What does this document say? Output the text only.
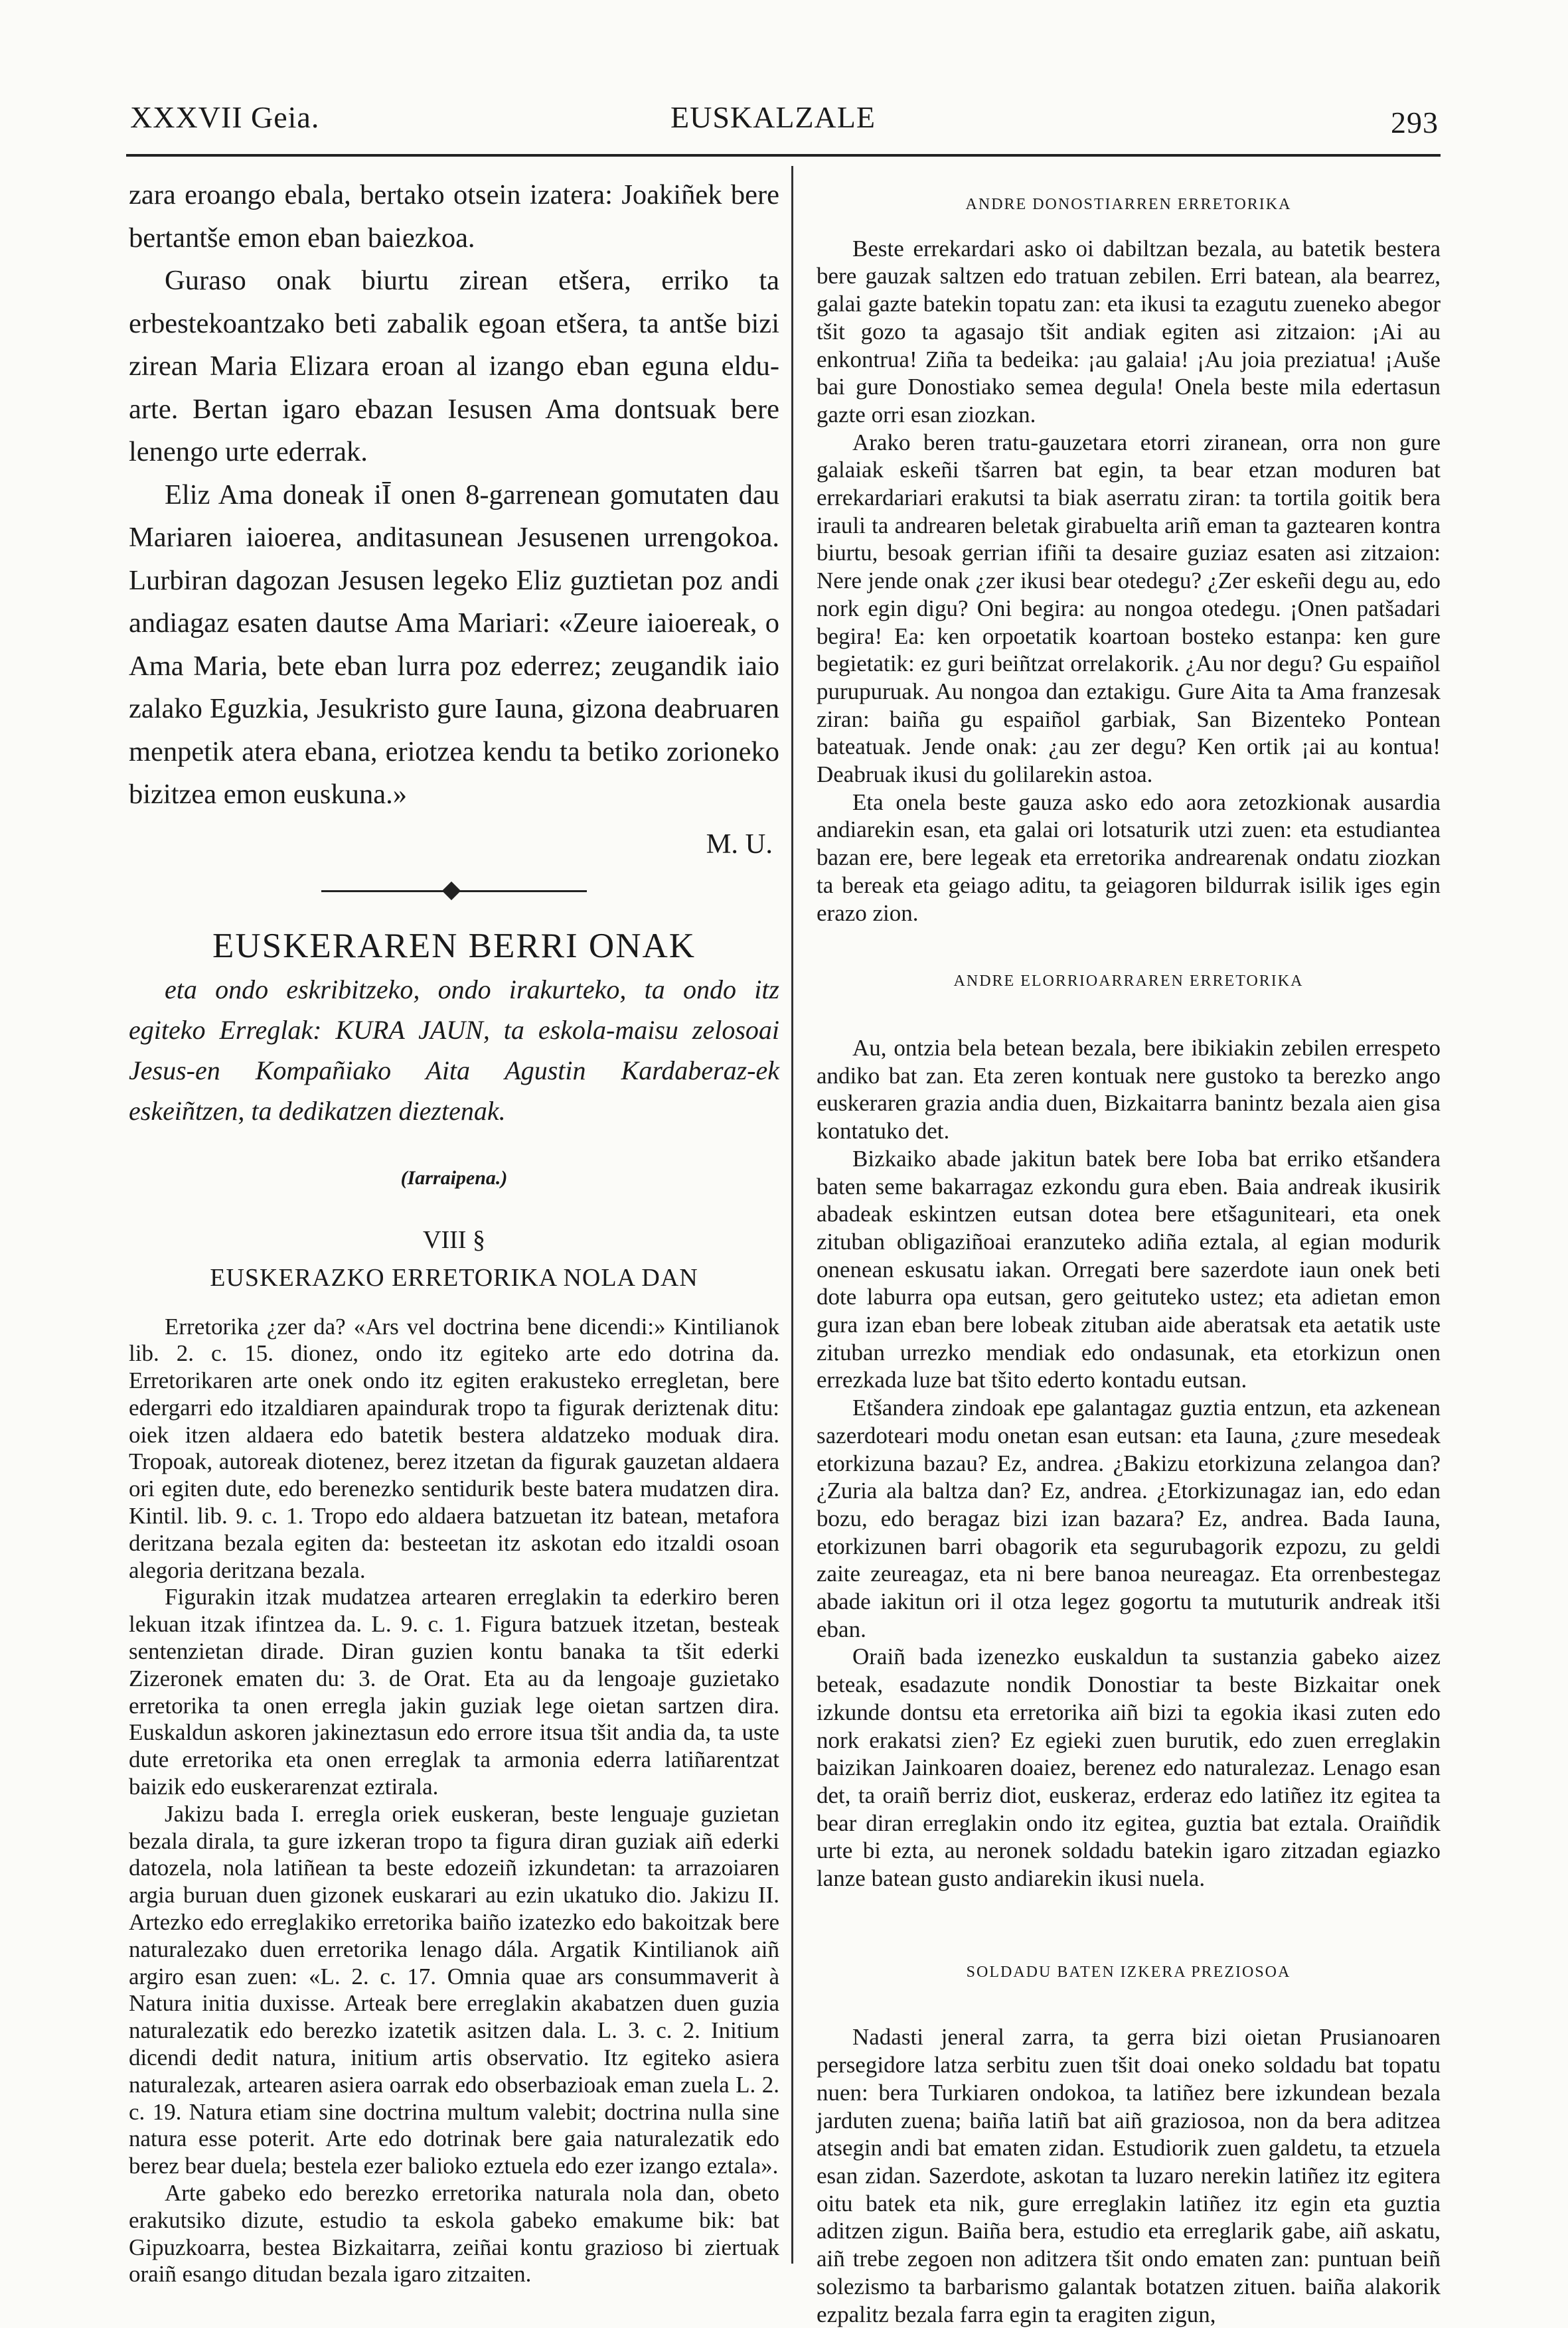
XXXVII Geia.	EUSKALZALE	293

zara eroango ebala, bertako otsein izatera: Joakiñek bere bertantše emon eban baiezkoa.

Guraso onak biurtu zirean etšera, erriko ta erbestekoantzako beti zabalik egoan etšera, ta antše bizi zirean Maria Elizara eroan al izango eban eguna eldu-arte. Bertan igaro ebazan Iesusen Ama dontsuak bere lenengo urte ederrak.

Eliz Ama doneak iĪ onen 8-garrenean gomutaten dau Mariaren iaioerea, anditasunean Jesusenen urrengokoa. Lurbiran dagozan Jesusen legeko Eliz guztietan poz andi andiagaz esaten dautse Ama Mariari: «Zeure iaioereak, o Ama Maria, bete eban lurra poz ederrez; zeugandik iaio zalako Eguzkia, Jesukristo gure Iauna, gizona deabruaren menpetik atera ebana, eriotzea kendu ta betiko zorioneko bizitzea emon euskuna.»

M. U.
EUSKERAREN BERRI ONAK

eta ondo eskribitzeko, ondo irakurteko, ta ondo itz egiteko Erreglak: KURA JAUN, ta eskola-maisu zelosoai Jesus-en Kompañiako Aita Agustin Kardaberaz-ek eskeiñtzen, ta dedikatzen dieztenak.

(Iarraipena.)
VIII §
EUSKERAZKO ERRETORIKA NOLA DAN

Erretorika ¿zer da? «Ars vel doctrina bene dicendi:» Kintilianok lib. 2. c. 15. dionez, ondo itz egiteko arte edo dotrina da. Erretorikaren arte onek ondo itz egiten erakusteko erregletan, bere edergarri edo itzaldiaren apaindurak tropo ta figurak deriztenak ditu: oiek itzen aldaera edo batetik bestera aldatzeko moduak dira. Tropoak, autoreak diotenez, berez itzetan da figurak gauzetan aldaera ori egiten dute, edo berenezko sentidurik beste batera mudatzen dira. Kintil. lib. 9. c. 1. Tropo edo aldaera batzuetan itz batean, metafora deritzana bezala egiten da: besteetan itz askotan edo itzaldi osoan alegoria deritzana bezala.

Figurakin itzak mudatzea artearen erreglakin ta ederkiro beren lekuan itzak ifintzea da. L. 9. c. 1. Figura batzuek itzetan, besteak sentenzietan dirade. Diran guzien kontu banaka ta tšit ederki Zizeronek ematen du: 3. de Orat. Eta au da lengoaje guzietako erretorika ta onen erregla jakin guziak lege oietan sartzen dira. Euskaldun askoren jakineztasun edo errore itsua tšit andia da, ta uste dute erretorika eta onen erreglak ta armonia ederra latiñarentzat baizik edo euskerarenzat eztirala.

Jakizu bada I. erregla oriek euskeran, beste lenguaje guzietan bezala dirala, ta gure izkeran tropo ta figura diran guziak aiñ ederki datozela, nola latiñean ta beste edozeiñ izkundetan: ta arrazoiaren argia buruan duen gizonek euskarari au ezin ukatuko dio. Jakizu II. Artezko edo erreglakiko erretorika baiño izatezko edo bakoitzak bere naturalezako duen erretorika lenago dála. Argatik Kintilianok aiñ argiro esan zuen: «L. 2. c. 17. Omnia quae ars consummaverit à Natura initia duxisse. Arteak bere erreglakin akabatzen duen guzia naturalezatik edo berezko izatetik asitzen dala. L. 3. c. 2. Initium dicendi dedit natura, initium artis observatio. Itz egiteko asiera naturalezak, artearen asiera oarrak edo obserbazioak eman zuela L. 2. c. 19. Natura etiam sine doctrina multum valebit; doctrina nulla sine natura esse poterit. Arte edo dotrinak bere gaia naturalezatik edo berez bear duela; bestela ezer balioko eztuela edo ezer izango eztala».

Arte gabeko edo berezko erretorika naturala nola dan, obeto erakutsiko dizute, estudio ta eskola gabeko emakume bik: bat Gipuzkoarra, bestea Bizkaitarra, zeiñai kontu grazioso bi ziertuak oraiñ esango ditudan bezala igaro zitzaiten.

ANDRE DONOSTIARREN ERRETORIKA

Beste errekardari asko oi dabiltzan bezala, au batetik bestera bere gauzak saltzen edo tratuan zebilen. Erri batean, ala bearrez, galai gazte batekin topatu zan: eta ikusi ta ezagutu zueneko abegor tšit gozo ta agasajo tšit andiak egiten asi zitzaion: ¡Ai au enkontrua! Ziña ta bedeika: ¡au galaia! ¡Au joia preziatua! ¡Auše bai gure Donostiako semea degula! Onela beste mila edertasun gazte orri esan ziozkan.

Arako beren tratu-gauzetara etorri ziranean, orra non gure galaiak eskeñi tšarren bat egin, ta bear etzan moduren bat errekardariari erakutsi ta biak aserratu ziran: ta tortila goitik bera irauli ta andrearen beletak girabuelta ariñ eman ta gaztearen kontra biurtu, besoak gerrian ifiñi ta desaire guziaz esaten asi zitzaion: Nere jende onak ¿zer ikusi bear otedegu? ¿Zer eskeñi degu au, edo nork egin digu? Oni begira: au nongoa otedegu. ¡Onen patšadari begira! Ea: ken orpoetatik koartoan bosteko estanpa: ken gure begietatik: ez guri beiñtzat orrelakorik. ¿Au nor degu? Gu espaiñol purupuruak. Au nongoa dan eztakigu. Gure Aita ta Ama franzesak ziran: baiña gu espaiñol garbiak, San Bizenteko Pontean bateatuak. Jende onak: ¿au zer degu? Ken ortik ¡ai au kontua! Deabruak ikusi du golilarekin astoa.

Eta onela beste gauza asko edo aora zetozkionak ausardia andiarekin esan, eta galai ori lotsaturik utzi zuen: eta estudiantea bazan ere, bere legeak eta erretorika andrearenak ondatu ziozkan ta bereak eta geiago aditu, ta geiagoren bildurrak isilik iges egin erazo zion.

ANDRE ELORRIOARRAREN ERRETORIKA

Au, ontzia bela betean bezala, bere ibikiakin zebilen errespeto andiko bat zan. Eta zeren kontuak nere gustoko ta berezko ango euskeraren grazia andia duen, Bizkaitarra banintz bezala aien gisa kontatuko det.

Bizkaiko abade jakitun batek bere Ioba bat erriko etšandera baten seme bakarragaz ezkondu gura eben. Baia andreak ikusirik abadeak eskintzen eutsan dotea bere etšaguniteari, eta onek zituban obligaziñoai eranzuteko adiña eztala, al egian modurik onenean eskusatu iakan. Orregati bere sazerdote iaun onek beti dote laburra opa eutsan, gero geituteko ustez; eta adietan emon gura izan eban bere lobeak zituban aide aberatsak eta aetatik uste zituban urrezko mendiak edo ondasunak, eta etorkizun onen errezkada luze bat tšito ederto kontadu eutsan.

Etšandera zindoak epe galantagaz guztia entzun, eta azkenean sazerdoteari modu onetan esan eutsan: eta Iauna, ¿zure mesedeak etorkizuna bazau? Ez, andrea. ¿Bakizu etorkizuna zelangoa dan? ¿Zuria ala baltza dan? Ez, andrea. ¿Etorkizunagaz ian, edo edan bozu, edo beragaz bizi izan bazara? Ez, andrea. Bada Iauna, etorkizunen barri obagorik eta segurubagorik ezpozu, zu geldi zaite zeureagaz, eta ni bere banoa neureagaz. Eta orrenbestegaz abade iakitun ori il otza legez gogortu ta mututurik andreak itši eban.

Oraiñ bada izenezko euskaldun ta sustanzia gabeko aizez beteak, esadazute nondik Donostiar ta beste Bizkaitar onek izkunde dontsu eta erretorika aiñ bizi ta egokia ikasi zuten edo nork erakatsi zien? Ez egieki zuen burutik, edo zuen erreglakin baizikan Jainkoaren doaiez, berenez edo naturalezaz. Lenago esan det, ta oraiñ berriz diot, euskeraz, erderaz edo latiñez itz egitea ta bear diran erreglakin ondo itz egitea, guztia bat eztala. Oraiñdik urte bi ezta, au neronek soldadu batekin igaro zitzadan egiazko lanze batean gusto andiarekin ikusi nuela.

SOLDADU BATEN IZKERA PREZIOSOA

Nadasti jeneral zarra, ta gerra bizi oietan Prusianoaren persegidore latza serbitu zuen tšit doai oneko soldadu bat topatu nuen: bera Turkiaren ondokoa, ta latiñez bere izkundean bezala jarduten zuena; baiña latiñ bat aiñ graziosoa, non da bera aditzea atsegin andi bat ematen zidan. Estudiorik zuen galdetu, ta etzuela esan zidan. Sazerdote, askotan ta luzaro nerekin latiñez itz egitera oitu batek eta nik, gure erreglakin latiñez itz egin eta guztia aditzen zigun. Baiña bera, estudio eta erreglarik gabe, aiñ askatu, aiñ trebe zegoen non aditzera tšit ondo ematen zan: puntuan beiñ solezismo ta barbarismo galantak botatzen zituen. baiña alakorik ezpalitz bezala farra egin ta eragiten zigun,
